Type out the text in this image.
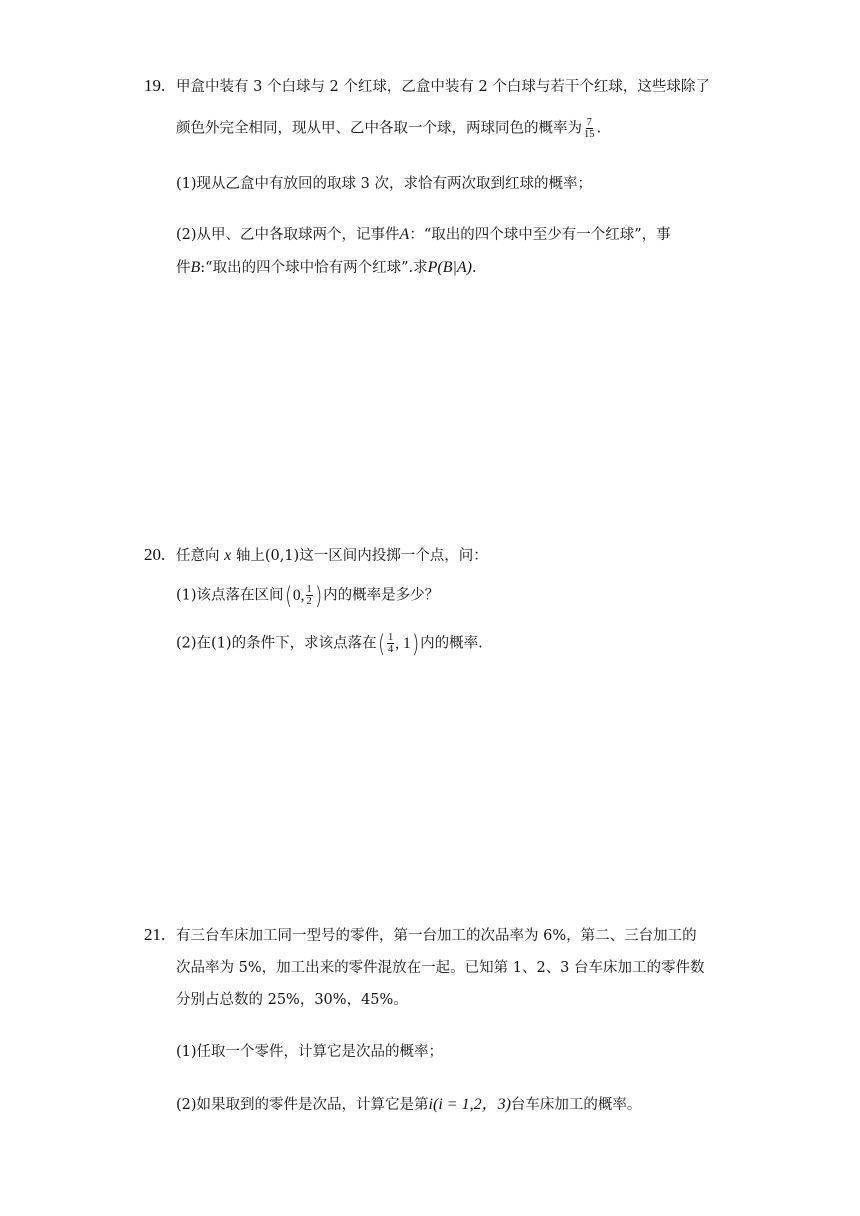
19. 甲盒中装有 3 个白球与 2 个红球，乙盒中装有 2 个白球与若干个红球，这些球除了
颜色外完全相同，现从甲、乙中各取一个球，两球同色的概率为 $\frac{7}{15}$ .
(1)现从乙盒中有放回的取球 3 次，求恰有两次取到红球的概率；
(2)从甲、乙中各取球两个，记事件A：“取出的四个球中至少有一个红球”，事
件B:“取出的四个球中恰有两个红球”.求P(B|A).
20. 任意向 x 轴上(0,1)这一区间内投掷一个点，问：
(1)该点落在区间(0, $\frac{1}{2}$ )内的概率是多少？
(2)在(1)的条件下，求该点落在( $\frac{1}{4}$ , 1)内的概率.
21. 有三台车床加工同一型号的零件，第一台加工的次品率为 6%，第二、三台加工的
次品率为 5%，加工出来的零件混放在一起。已知第 1、2、3 台车床加工的零件数
分别占总数的 25%，30%，45%。
(1)任取一个零件，计算它是次品的概率；
(2)如果取到的零件是次品，计算它是第i(i = 1,2，3)台车床加工的概率。
